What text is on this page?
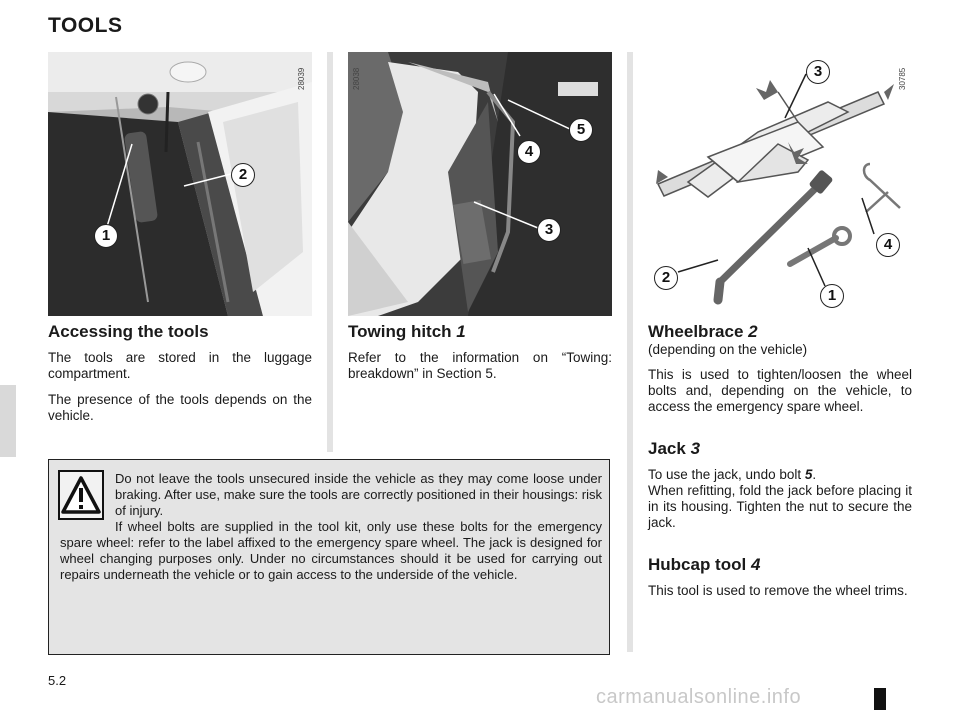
TOOLS
28039
1
2
28038
5
4
3
30785
3
4
2
1
Accessing the tools

The tools are stored in the luggage compartment.

The presence of the tools depends on the vehicle.

Towing hitch 1

Refer to the information on “Towing: breakdown” in Section 5.

Wheelbrace 2

(depending on the vehicle)

This is used to tighten/loosen the wheel bolts and, depending on the vehicle, to access the emergency spare wheel.

Jack 3

To use the jack, undo bolt 5.

When refitting, fold the jack before placing it in its housing. Tighten the nut to secure the jack.

Hubcap tool 4

This tool is used to remove the wheel trims.

Do not leave the tools unsecured inside the vehicle as they may come loose under braking. After use, make sure the tools are correctly positioned in their housings: risk of injury.
If wheel bolts are supplied in the tool kit, only use these bolts for the emergency spare wheel: refer to the label affixed to the emergency spare wheel. The jack is designed for wheel changing purposes only. Under no circumstances should it be used for carrying out repairs underneath the vehicle or to gain access to the underside of the vehicle.
5.2
carmanualsonline.info
